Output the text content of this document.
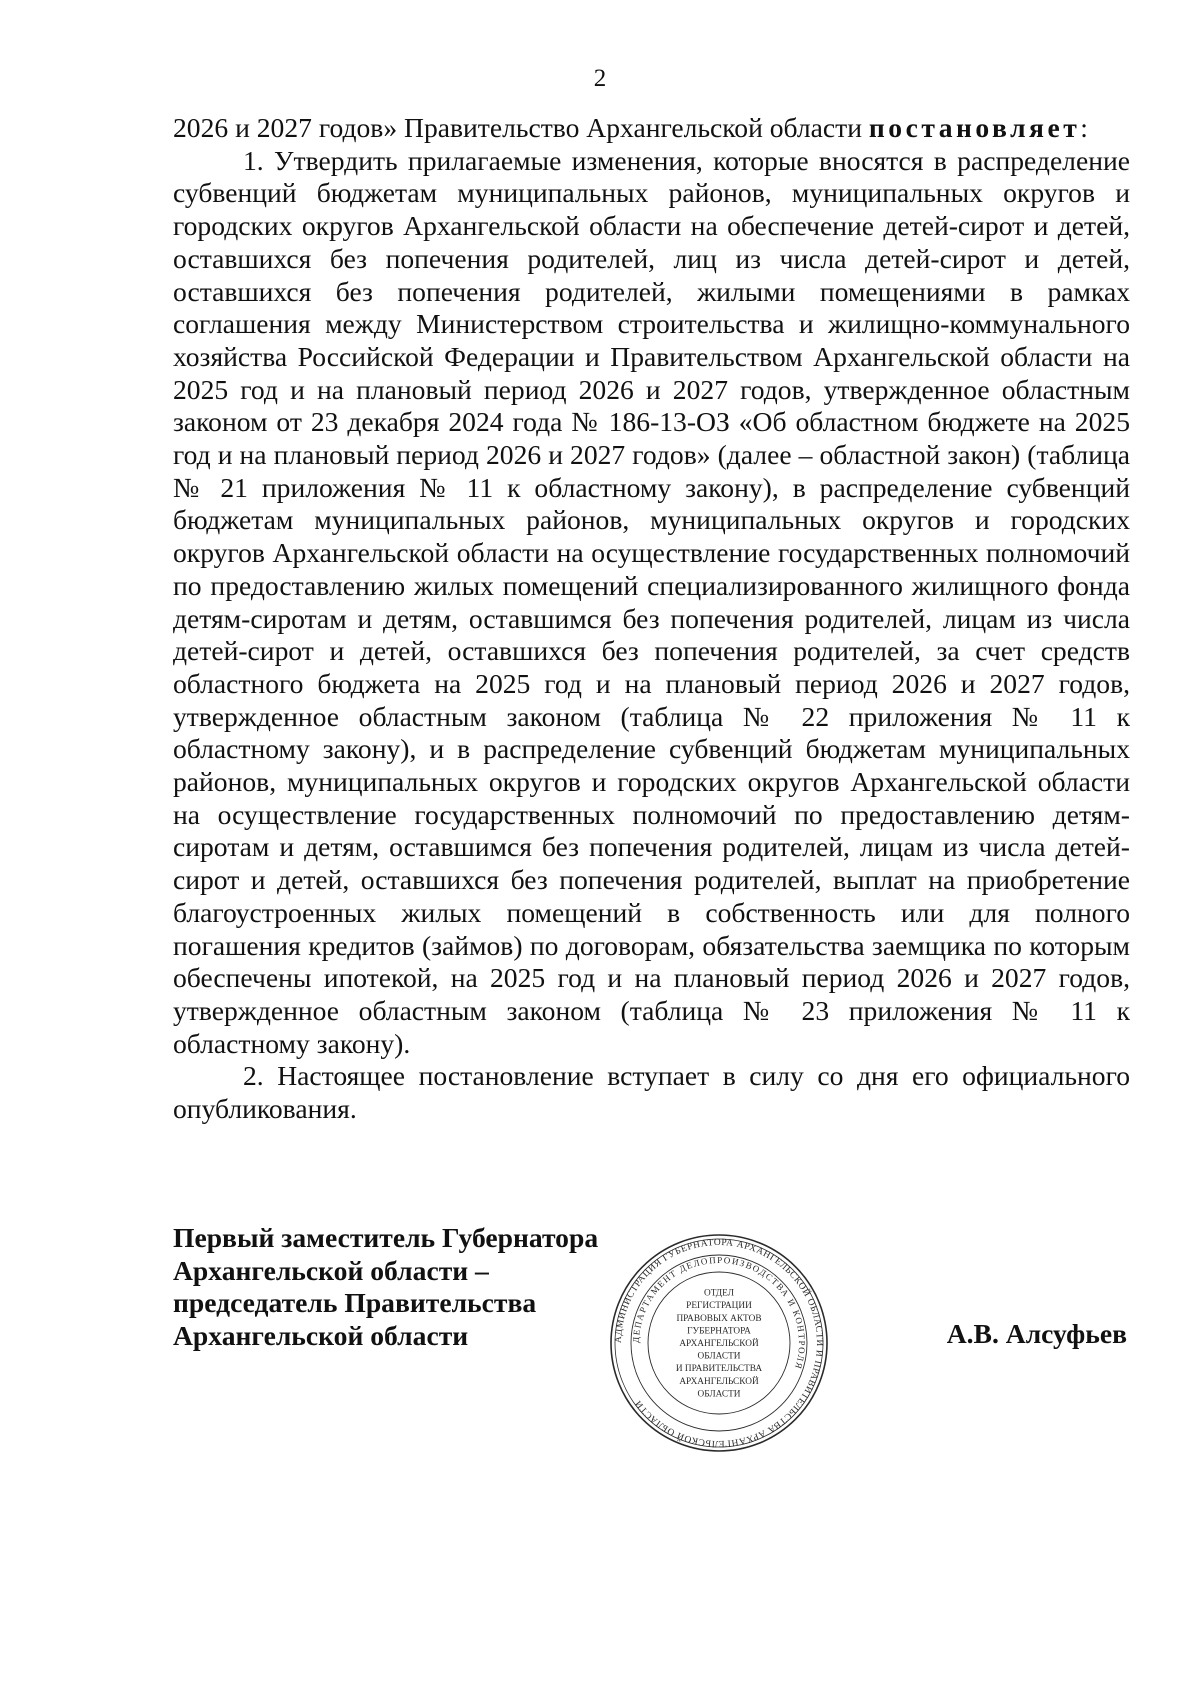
2

2026 и 2027 годов» Правительство Архангельской области постановляет:

1. Утвердить прилагаемые изменения, которые вносятся в распределение субвенций бюджетам муниципальных районов, муниципальных округов и городских округов Архангельской области на обеспечение детей-сирот и детей, оставшихся без попечения родителей, лиц из числа детей-сирот и детей, оставшихся без попечения родителей, жилыми помещениями в рамках соглашения между Министерством строительства и жилищно-коммунального хозяйства Российской Федерации и Правительством Архангельской области на 2025 год и на плановый период 2026 и 2027 годов, утвержденное областным законом от 23 декабря 2024 года № 186-13-ОЗ «Об областном бюджете на 2025 год и на плановый период 2026 и 2027 годов» (далее – областной закон) (таблица № 21 приложения № 11 к областному закону), в распределение субвенций бюджетам муниципальных районов, муниципальных округов и городских округов Архангельской области на осуществление государственных полномочий по предоставлению жилых помещений специализированного жилищного фонда детям-сиротам и детям, оставшимся без попечения родителей, лицам из числа детей-сирот и детей, оставшихся без попечения родителей, за счет средств областного бюджета на 2025 год и на плановый период 2026 и 2027 годов, утвержденное областным законом (таблица № 22 приложения № 11 к областному закону), и в распределение субвенций бюджетам муниципальных районов, муниципальных округов и городских округов Архангельской области на осуществление государственных полномочий по предоставлению детям-сиротам и детям, оставшимся без попечения родителей, лицам из числа детей-сирот и детей, оставшихся без попечения родителей, выплат на приобретение благоустроенных жилых помещений в собственность или для полного погашения кредитов (займов) по договорам, обязательства заемщика по которым обеспечены ипотекой, на 2025 год и на плановый период 2026 и 2027 годов, утвержденное областным законом (таблица № 23 приложения № 11 к областному закону).

2. Настоящее постановление вступает в силу со дня его официального опубликования.

Первый заместитель Губернатора
Архангельской области –
председатель Правительства
Архангельской области	А.В. Алсуфьев
АДМИНИСТРАЦИЯ ГУБЕРНАТОРА АРХАНГЕЛЬСКОЙ ОБЛАСТИ И ПРАВИТЕЛЬСТВА АРХАНГЕЛЬСКОЙ ОБЛАСТИ
ДЕПАРТАМЕНТ ДЕЛОПРОИЗВОДСТВА И КОНТРОЛЯ
ОТДЕЛ
РЕГИСТРАЦИИ
ПРАВОВЫХ АКТОВ
ГУБЕРНАТОРА
АРХАНГЕЛЬСКОЙ
ОБЛАСТИ
И ПРАВИТЕЛЬСТВА
АРХАНГЕЛЬСКОЙ
ОБЛАСТИ
